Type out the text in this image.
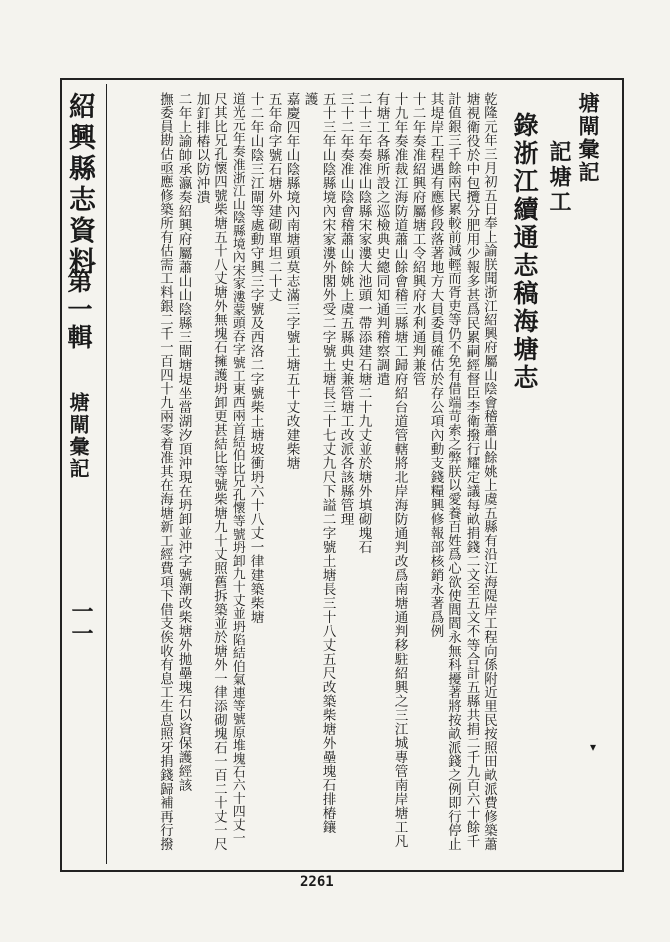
紹興縣志資料
第一輯
塘閘彙記
一一
塘閘彙記
記塘工
錄浙江續通志稿海塘志
乾隆元年三月初五日奉上諭朕聞浙江紹興府屬山陰會稽蕭山餘姚上虞五縣有沿江海隄岸工程向係附近里民按照田畝派費修築蕭
塘視衛役於中包攬分肥用少報多甚爲民累嗣經督臣李衛撥行耀定議每畝捐錢二文至五文不等合計五縣共捐二千九百六十餘千
計值銀三千餘兩民累較前減輕而胥吏等仍不免有借端苛索之弊朕以愛養百姓爲心欲使閭閻永無科擾著將按畝派錢之例即行停止
其堤岸工程遇有應修段落著地方大員委員確估於存公項內動支錢糧興修報部核銷永著爲例
十二年奏准紹興府屬塘工令紹興府水利通判兼管
十九年奏准裁江海防道蕭山餘會稽三縣塘工歸府紹台道管轄將北岸海防通判改爲南塘通判移駐紹興之三江城專管南岸塘工凡
有塘工各縣所設之巡檢典史總同知通判稽察調遣
二十三年奏准山陰縣宋家漊大池頭一帶添建石塘二十九丈並於塘外填砌塊石
三十二年奏准山陰會稽蕭山餘姚上虞五縣典史兼管塘工改派各該縣管理
五十三年山陰縣境內宋家漊外閣外受二字號土塘長三十七丈九尺下謚二字號土塘長三十八丈五尺改築柴塘外壘塊石排椿鑲
護
嘉慶四年山陰縣境內南塘頭莫志滿三字號土塘五十丈改建柴塘
五年命字號石塘外建砌單坦二十丈
十二年山陰三江閘等處動守興三字號及西洛二字號柴土塘坡衝坍六十八丈一律建築柴塘
道光元年奏准浙江山陰縣境內宋家漊蒙頭吞字號工東西兩首結伯比兄孔懷等號坍卸九十丈並坍陷結伯氣連等號原堆塊石六十四丈一
尺其比兄孔懷四號柴塘五十八丈塘外無塊石擁護坍卸更甚結比等號柴塘九十丈照舊拆築並於塘外一律添砌塊石一百二十丈一尺
加釘排樁以防沖潰
二年上諭帥承瀛奏紹興府屬蕭山山陰縣三閘塘堤坐當湖汐頂沖現在坍卸並沖字號潮改柴塘外拋壘塊石以資保護經該
撫委員勘估亟應修築所有估需工料銀二千一百四十九兩零着准其在海塘新工經費項下借支俟收有息工生息照牙捐錢歸補再行撥
2261
▾
